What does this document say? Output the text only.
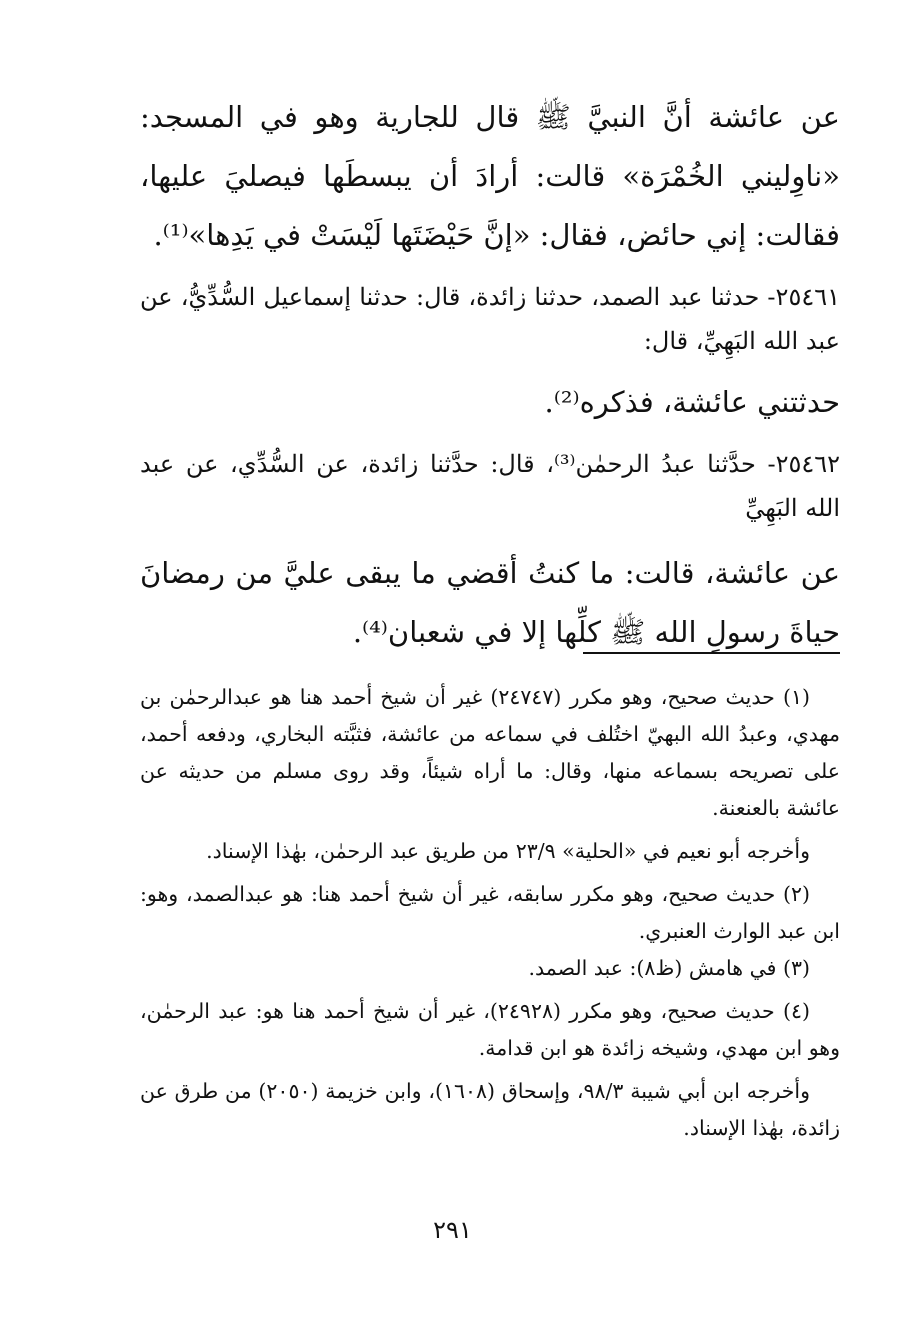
عن عائشة أنَّ النبيَّ ﷺ قال للجارية وهو في المسجد: «ناوِليني الخُمْرَة» قالت: أرادَ أن يبسطَها فيصليَ عليها، فقالت: إني حائض، فقال: «إنَّ حَيْضَتَها لَيْسَتْ في يَدِها»⁽¹⁾.

٢٥٤٦١- حدثنا عبد الصمد، حدثنا زائدة، قال: حدثنا إسماعيل السُّدِّيُّ، عن عبد الله البَهِيِّ، قال:

حدثتني عائشة، فذكره⁽²⁾.

٢٥٤٦٢- حدَّثنا عبدُ الرحمٰن⁽³⁾، قال: حدَّثنا زائدة، عن السُّدِّي، عن عبد الله البَهِيِّ

عن عائشة، قالت: ما كنتُ أقضي ما يبقى عليَّ من رمضانَ حياةَ رسولِ الله ﷺ كلِّها إلا في شعبان⁽⁴⁾.

(١) حديث صحيح، وهو مكرر (٢٤٧٤٧) غير أن شيخ أحمد هنا هو عبدالرحمٰن بن مهدي، وعبدُ الله البهيّ اختُلف في سماعه من عائشة، فثبَّته البخاري، ودفعه أحمد، على تصريحه بسماعه منها، وقال: ما أراه شيئاً، وقد روى مسلم من حديثه عن عائشة بالعنعنة.

وأخرجه أبو نعيم في «الحلية» ٢٣/٩ من طريق عبد الرحمٰن، بهٰذا الإسناد.

(٢) حديث صحيح، وهو مكرر سابقه، غير أن شيخ أحمد هنا: هو عبدالصمد، وهو: ابن عبد الوارث العنبري.

(٣) في هامش (ظ٨): عبد الصمد.

(٤) حديث صحيح، وهو مكرر (٢٤٩٢٨)، غير أن شيخ أحمد هنا هو: عبد الرحمٰن، وهو ابن مهدي، وشيخه زائدة هو ابن قدامة.

وأخرجه ابن أبي شيبة ٩٨/٣، وإسحاق (١٦٠٨)، وابن خزيمة (٢٠٥٠) من طرق عن زائدة، بهٰذا الإسناد.

٢٩١
